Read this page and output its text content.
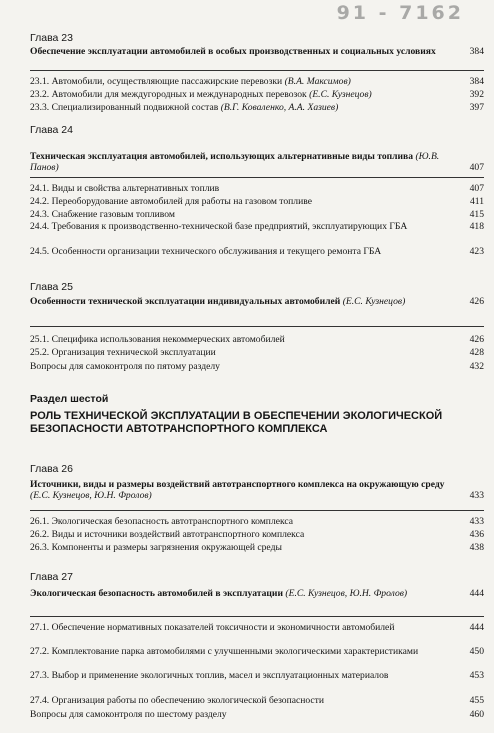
91 - 7162
Глава 23
Обеспечение эксплуатации автомобилей в особых производственных и социальных условиях	384
23.1. Автомобили, осуществляющие пассажирские перевозки (В.А. Максимов)	384
23.2. Автомобили для междугородных и международных перевозок (Е.С. Кузнецов)	392
23.3. Специализированный подвижной состав (В.Г. Коваленко, А.А. Хазиев)	397
Глава 24
Техническая эксплуатация автомобилей, использующих альтернативные виды топлива (Ю.В. Панов)	407
24.1. Виды и свойства альтернативных топлив	407
24.2. Переоборудование автомобилей для работы на газовом топливе	411
24.3. Снабжение газовым топливом	415
24.4. Требования к производственно-технической базе предприятий, эксплуатирующих ГБА	418
24.5. Особенности организации технического обслуживания и текущего ремонта ГБА	423
Глава 25
Особенности технической эксплуатации индивидуальных автомобилей (Е.С. Кузнецов)	426
25.1. Специфика использования некоммерческих автомобилей	426
25.2. Организация технической эксплуатации	428
Вопросы для самоконтроля по пятому разделу	432
Раздел шестой
РОЛЬ ТЕХНИЧЕСКОЙ ЭКСПЛУАТАЦИИ В ОБЕСПЕЧЕНИИ ЭКОЛОГИЧЕСКОЙ БЕЗОПАСНОСТИ АВТОТРАНСПОРТНОГО КОМПЛЕКСА
Глава 26
Источники, виды и размеры воздействий автотранспортного комплекса на окружающую среду (Е.С. Кузнецов, Ю.Н. Фролов)	433
26.1. Экологическая безопасность автотранспортного комплекса	433
26.2. Виды и источники воздействий автотранспортного комплекса	436
26.3. Компоненты и размеры загрязнения окружающей среды	438
Глава 27
Экологическая безопасность автомобилей в эксплуатации (Е.С. Кузнецов, Ю.Н. Фролов)	444
27.1. Обеспечение нормативных показателей токсичности и экономичности автомобилей	444
27.2. Комплектование парка автомобилями с улучшенными экологическими характеристиками	450
27.3. Выбор и применение экологичных топлив, масел и эксплуатационных материалов	453
27.4. Организация работы по обеспечению экологической безопасности	455
Вопросы для самоконтроля по шестому разделу	460
